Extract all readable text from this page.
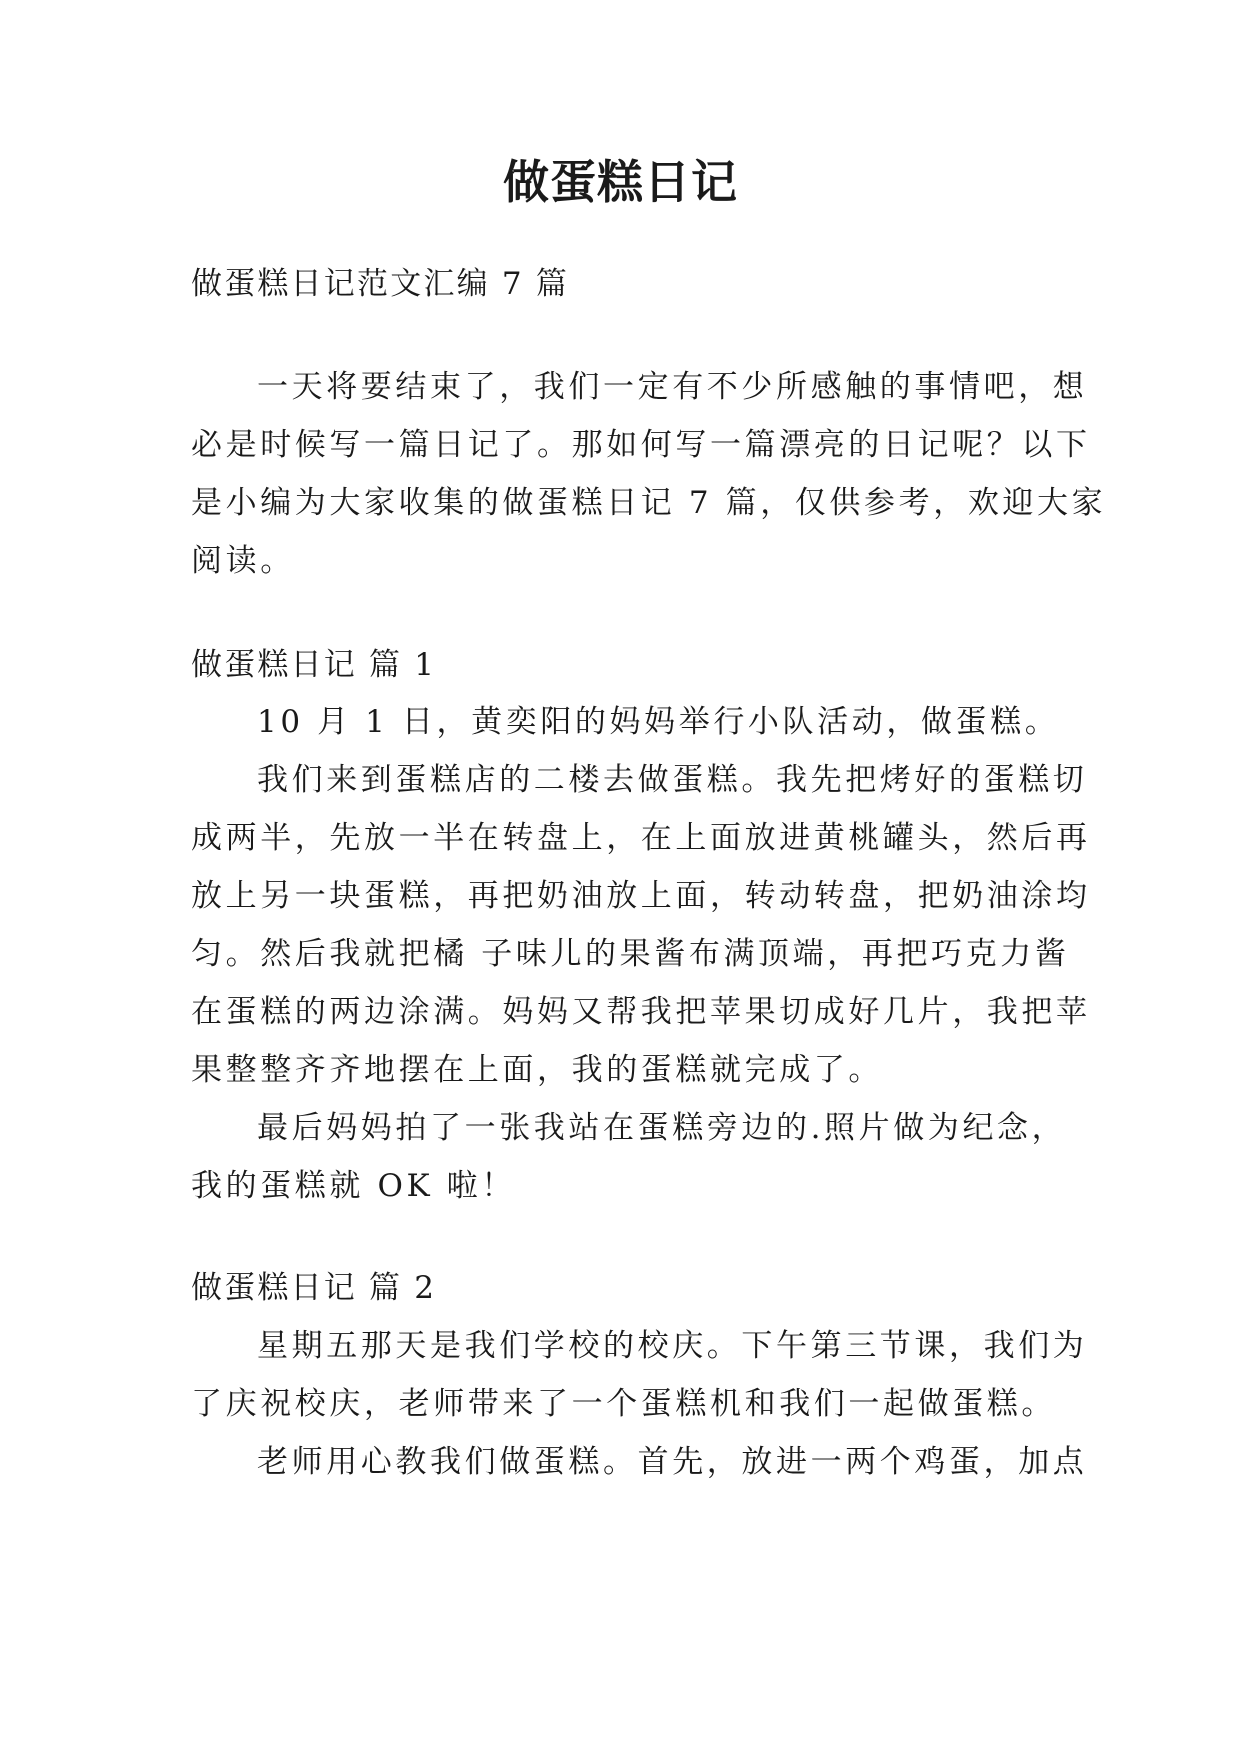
做蛋糕日记

做蛋糕日记范文汇编 7 篇

一天将要结束了，我们一定有不少所感触的事情吧，想

必是时候写一篇日记了。那如何写一篇漂亮的日记呢？以下

是小编为大家收集的做蛋糕日记 7 篇，仅供参考，欢迎大家

阅读。

做蛋糕日记 篇 1

10 月 1 日，黄奕阳的妈妈举行小队活动，做蛋糕。

我们来到蛋糕店的二楼去做蛋糕。我先把烤好的蛋糕切

成两半，先放一半在转盘上，在上面放进黄桃罐头，然后再

放上另一块蛋糕，再把奶油放上面，转动转盘，把奶油涂均

匀。然后我就把橘 子味儿的果酱布满顶端，再把巧克力酱

在蛋糕的两边涂满。妈妈又帮我把苹果切成好几片，我把苹

果整整齐齐地摆在上面，我的蛋糕就完成了。

最后妈妈拍了一张我站在蛋糕旁边的.照片做为纪念，

我的蛋糕就 OK 啦！

做蛋糕日记 篇 2

星期五那天是我们学校的校庆。下午第三节课，我们为

了庆祝校庆，老师带来了一个蛋糕机和我们一起做蛋糕。

老师用心教我们做蛋糕。首先，放进一两个鸡蛋，加点
